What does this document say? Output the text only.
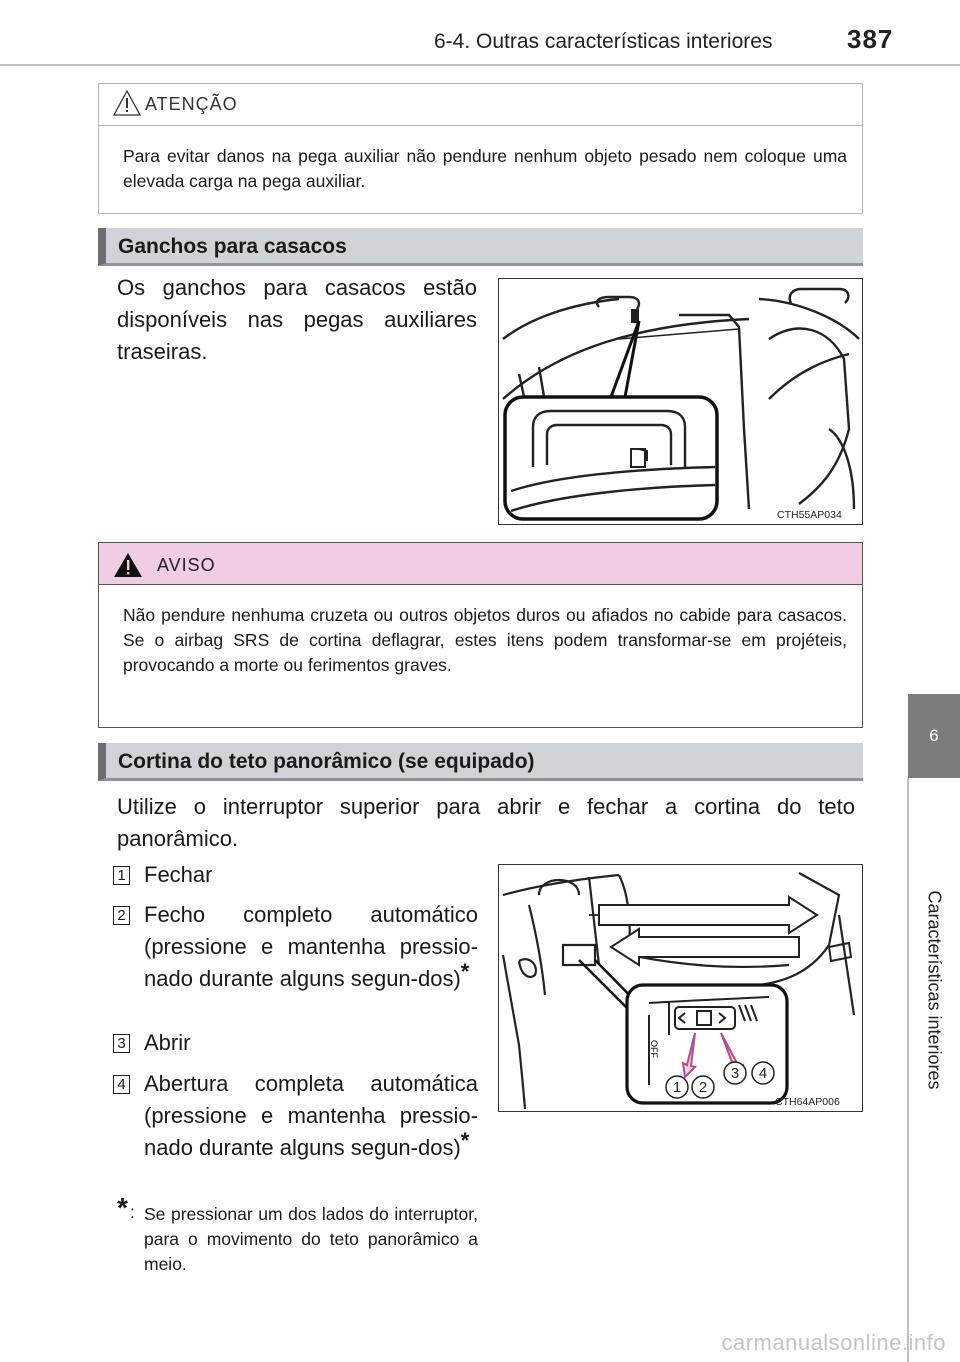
6-4. Outras características interiores	387
6
Características interiores
ATENÇÃO
Para evitar danos na pega auxiliar não pendure nenhum objeto pesado nem coloque uma elevada carga na pega auxiliar.
Ganchos para casacos
Os ganchos para casacos estão disponíveis nas pegas auxiliares traseiras.
CTH55AP034
AVISO
Não pendure nenhuma cruzeta ou outros objetos duros ou afiados no cabide para casacos. Se o airbag SRS de cortina deflagrar, estes itens podem transformar-se em projéteis, provocando a morte ou ferimentos graves.
Cortina do teto panorâmico (se equipado)
Utilize o interruptor superior para abrir e fechar a cortina do teto panorâmico.
1 Fechar
2 Fecho completo automático (pressione e mantenha pressio-nado durante alguns segun-dos)*
3 Abrir
4 Abertura completa automática (pressione e mantenha pressio-nado durante alguns segun-dos)*
* : Se pressionar um dos lados do interruptor, para o movimento do teto panorâmico a meio.
OFF
1 2
3 4
CTH64AP006
carmanualsonline.info
